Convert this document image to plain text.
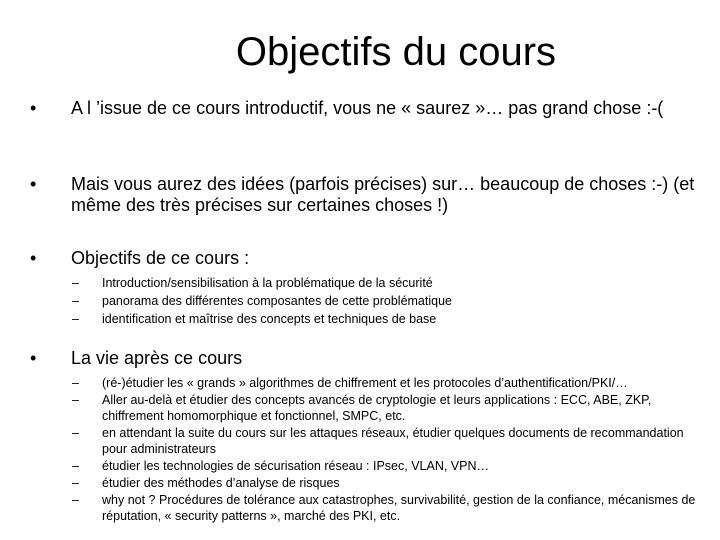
Objectifs du cours

•	A l ’issue de ce cours introductif, vous ne « saurez »… pas grand chose :-(

•	Mais vous aurez des idées (parfois précises) sur… beaucoup de choses :-) (et même des très précises sur certaines choses !)

•	Objectifs de ce cours :

–	Introduction/sensibilisation à la problématique de la sécurité

–	panorama des différentes composantes de cette problématique

–	identification et maîtrise des concepts et techniques de base

•	La vie après ce cours

–	(ré-)étudier les « grands » algorithmes de chiffrement et les protocoles d’authentification/PKI/…

–	Aller au-delà et étudier des concepts avancés de cryptologie et leurs applications : ECC, ABE, ZKP, chiffrement homomorphique et fonctionnel, SMPC, etc.

–	en attendant la suite du cours sur les attaques réseaux, étudier quelques documents de recommandation pour administrateurs

–	étudier les technologies de sécurisation réseau : IPsec, VLAN, VPN…

–	étudier des méthodes d’analyse de risques

–	why not ? Procédures de tolérance aux catastrophes, survivabilité, gestion de la confiance, mécanismes de réputation, « security patterns », marché des PKI, etc.
